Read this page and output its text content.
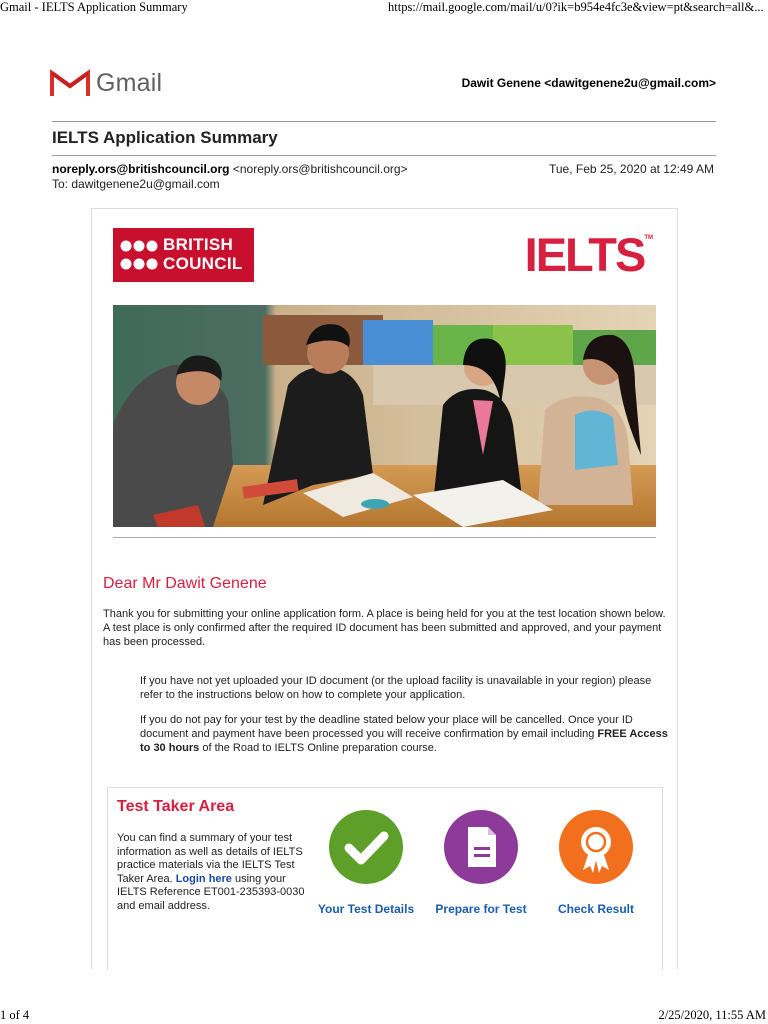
Gmail - IELTS Application Summary	https://mail.google.com/mail/u/0?ik=b954e4fc3e&view=pt&search=all&...
Gmail	Dawit Genene <dawitgenene2u@gmail.com>
IELTS Application Summary
noreply.ors@britishcouncil.org <noreply.ors@britishcouncil.org>	Tue, Feb 25, 2020 at 12:49 AM
To: dawitgenene2u@gmail.com
BRITISH
COUNCIL	IELTS™
Dear Mr Dawit Genene
Thank you for submitting your online application form. A place is being held for you at the test location shown below. A test place is only confirmed after the required ID document has been submitted and approved, and your payment has been processed.
If you have not yet uploaded your ID document (or the upload facility is unavailable in your region) please refer to the instructions below on how to complete your application.
If you do not pay for your test by the deadline stated below your place will be cancelled. Once your ID document and payment have been processed you will receive confirmation by email including FREE Access to 30 hours of the Road to IELTS Online preparation course.
Test Taker Area
You can find a summary of your test information as well as details of IELTS practice materials via the IELTS Test Taker Area. Login here using your IELTS Reference ET001-235393-0030 and email address.	Your Test Details	Prepare for Test	Check Result
1 of 4	2/25/2020, 11:55 AM
